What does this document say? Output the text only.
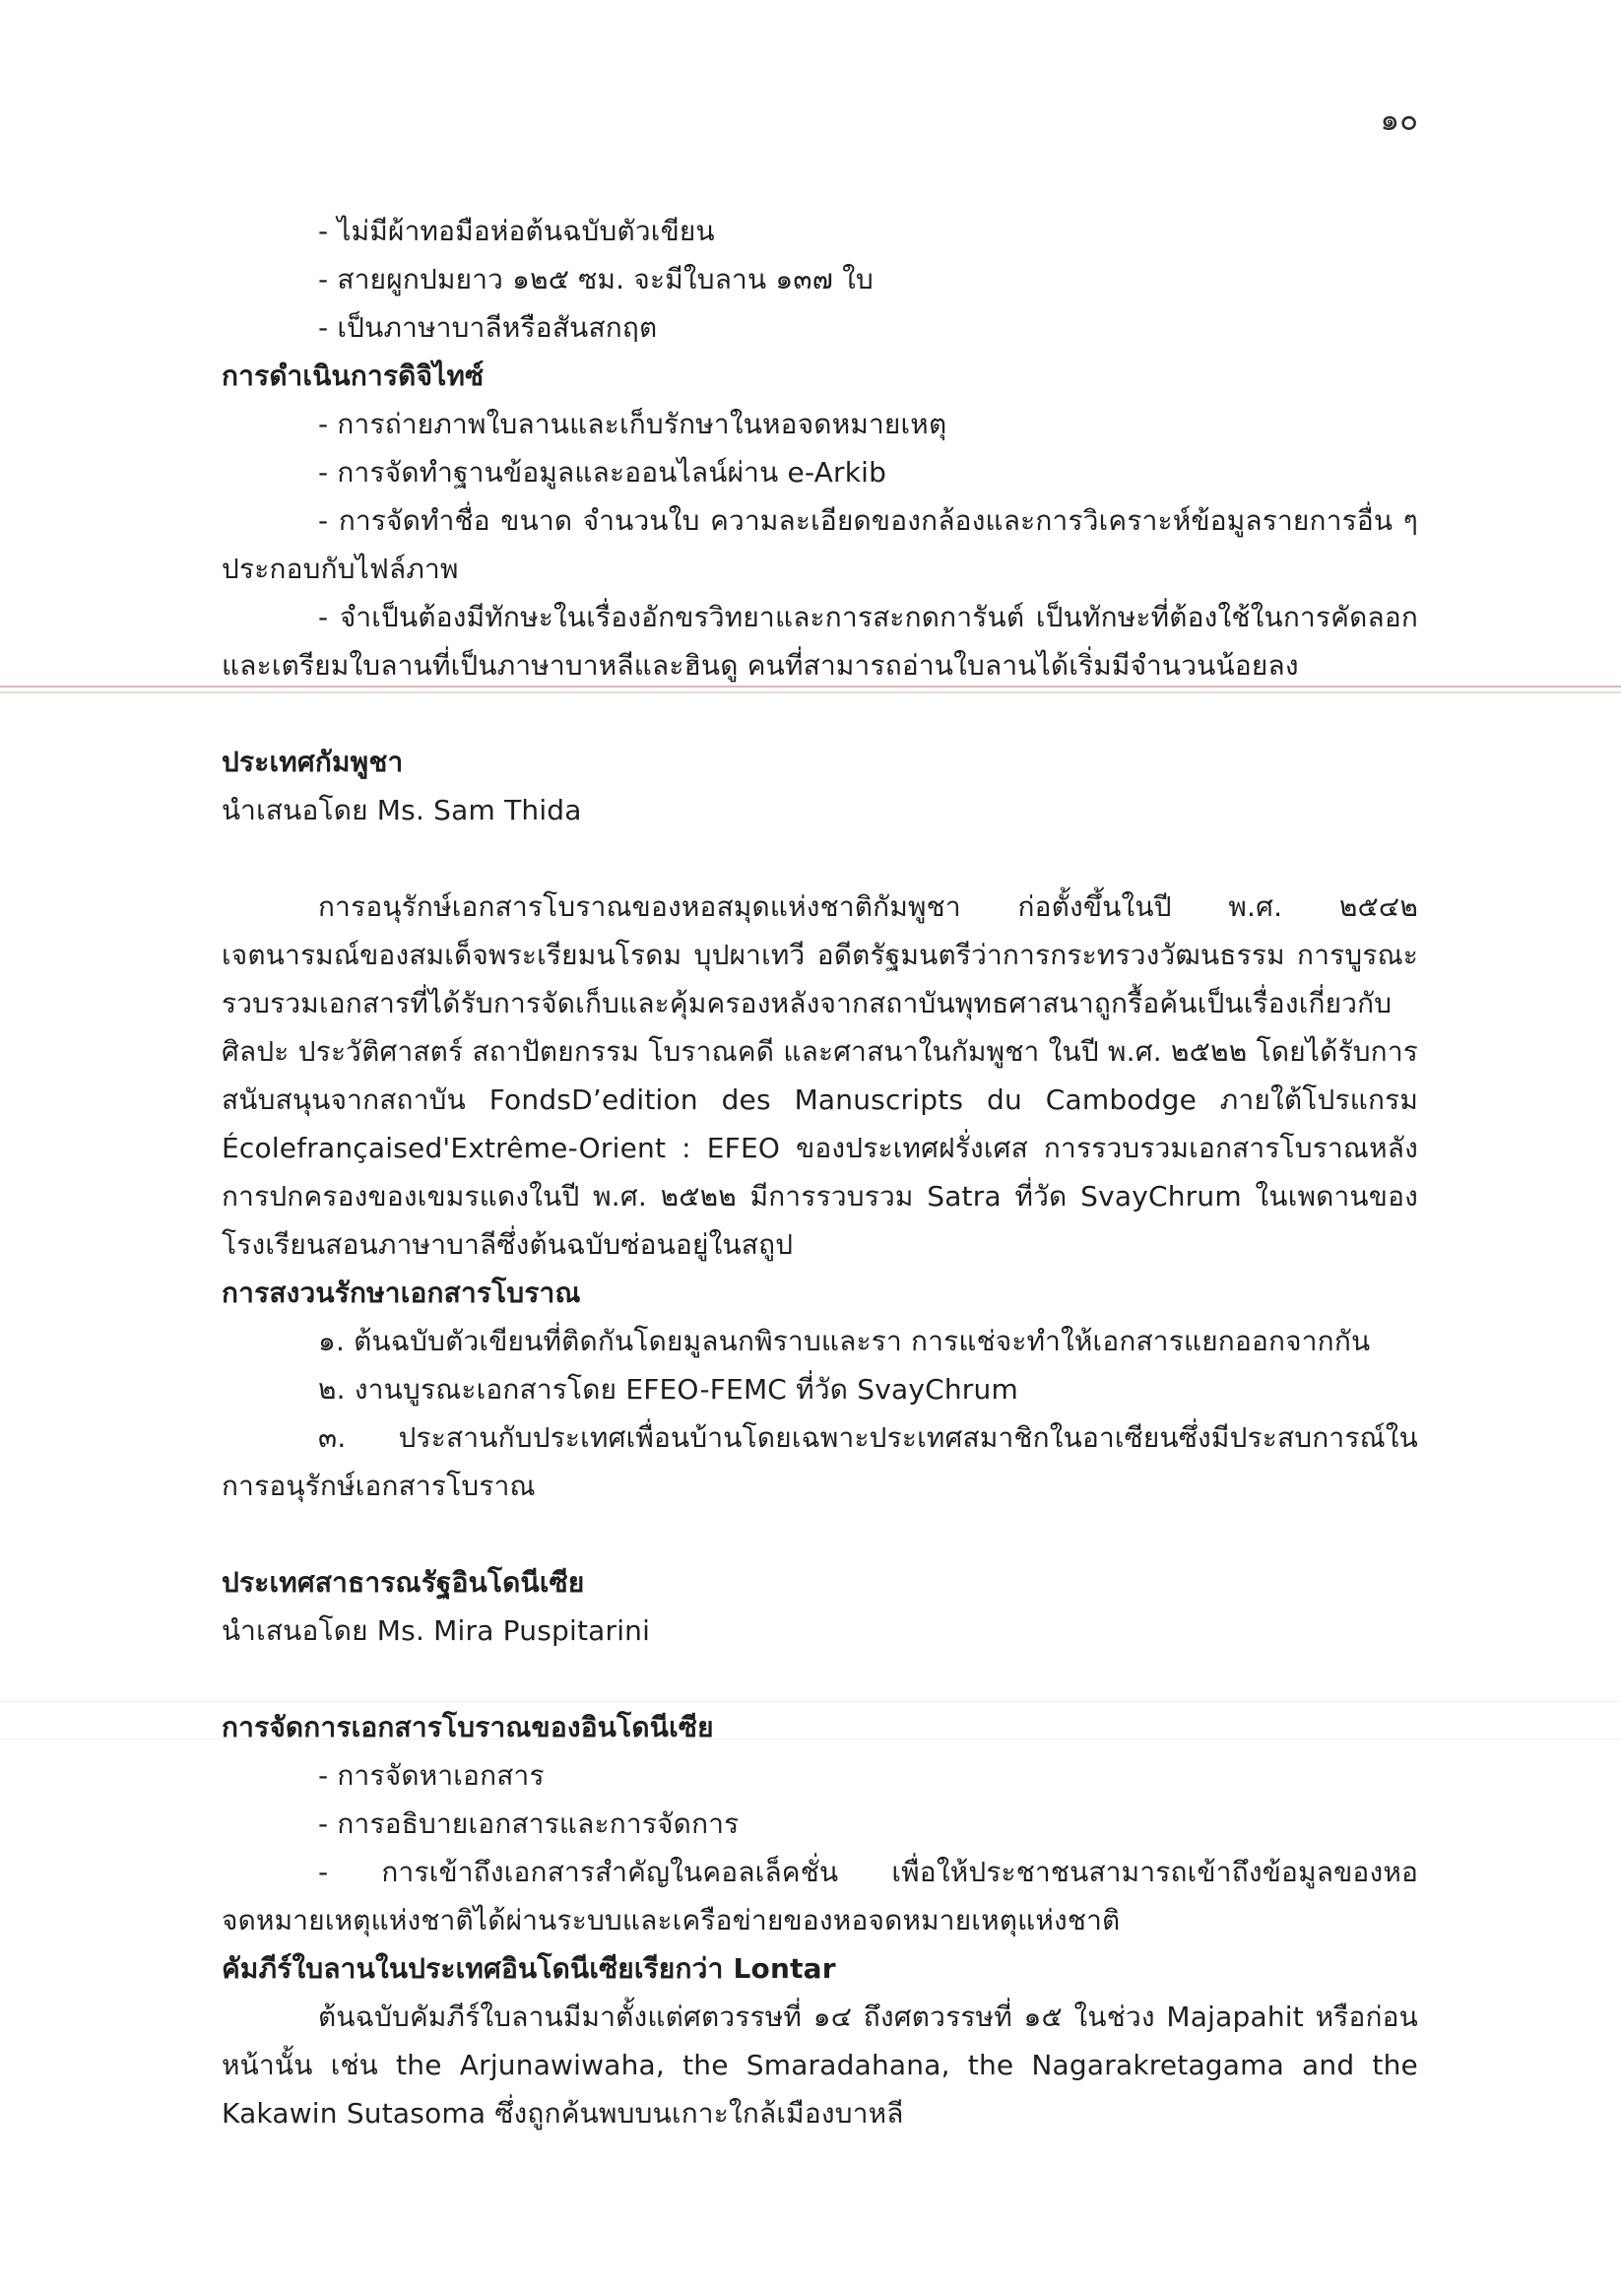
๑๐

- ไม่มีผ้าทอมือห่อต้นฉบับตัวเขียน

- สายผูกปมยาว ๑๒๕ ซม. จะมีใบลาน ๑๓๗ ใบ

- เป็นภาษาบาลีหรือสันสกฤต

การดำเนินการดิจิไทซ์

- การถ่ายภาพใบลานและเก็บรักษาในหอจดหมายเหตุ

- การจัดทำฐานข้อมูลและออนไลน์ผ่าน e-Arkib

- การจัดทำชื่อ ขนาด จำนวนใบ ความละเอียดของกล้องและการวิเคราะห์ข้อมูลรายการอื่น ๆ ประกอบกับไฟล์ภาพ

- จำเป็นต้องมีทักษะในเรื่องอักขรวิทยาและการสะกดการันต์ เป็นทักษะที่ต้องใช้ในการคัดลอกและเตรียมใบลานที่เป็นภาษาบาหลีและฮินดู คนที่สามารถอ่านใบลานได้เริ่มมีจำนวนน้อยลง

ประเทศกัมพูชา

นำเสนอโดย Ms. Sam Thida

การอนุรักษ์เอกสารโบราณของหอสมุดแห่งชาติกัมพูชา ก่อตั้งขึ้นในปี พ.ศ. ๒๕๔๒ เจตนารมณ์ของสมเด็จพระเรียมนโรดม บุปผาเทวี อดีตรัฐมนตรีว่าการกระทรวงวัฒนธรรม การบูรณะรวบรวมเอกสารที่ได้รับการจัดเก็บและคุ้มครองหลังจากสถาบันพุทธศาสนาถูกรื้อค้นเป็นเรื่องเกี่ยวกับ ศิลปะ ประวัติศาสตร์ สถาปัตยกรรม โบราณคดี และศาสนาในกัมพูชา ในปี พ.ศ. ๒๕๒๒ โดยได้รับการสนับสนุนจากสถาบัน FondsD’edition des Manuscripts du Cambodge ภายใต้โปรแกรม Écolefrançaised'Extrême-Orient : EFEO ของประเทศฝรั่งเศส การรวบรวมเอกสารโบราณหลังการปกครองของเขมรแดงในปี พ.ศ. ๒๕๒๒ มีการรวบรวม Satra ที่วัด SvayChrum ในเพดานของโรงเรียนสอนภาษาบาลีซึ่งต้นฉบับซ่อนอยู่ในสถูป

การสงวนรักษาเอกสารโบราณ

๑. ต้นฉบับตัวเขียนที่ติดกันโดยมูลนกพิราบและรา การแช่จะทำให้เอกสารแยกออกจากกัน

๒. งานบูรณะเอกสารโดย EFEO-FEMC ที่วัด SvayChrum

๓. ประสานกับประเทศเพื่อนบ้านโดยเฉพาะประเทศสมาชิกในอาเซียนซึ่งมีประสบการณ์ในการอนุรักษ์เอกสารโบราณ

ประเทศสาธารณรัฐอินโดนีเซีย

นำเสนอโดย Ms. Mira Puspitarini

การจัดการเอกสารโบราณของอินโดนีเซีย

- การจัดหาเอกสาร

- การอธิบายเอกสารและการจัดการ

- การเข้าถึงเอกสารสำคัญในคอลเล็คชั่น เพื่อให้ประชาชนสามารถเข้าถึงข้อมูลของหอจดหมายเหตุแห่งชาติได้ผ่านระบบและเครือข่ายของหอจดหมายเหตุแห่งชาติ

คัมภีร์ใบลานในประเทศอินโดนีเซียเรียกว่า Lontar

ต้นฉบับคัมภีร์ใบลานมีมาตั้งแต่ศตวรรษที่ ๑๔ ถึงศตวรรษที่ ๑๕ ในช่วง Majapahit หรือก่อนหน้านั้น เช่น the Arjunawiwaha, the Smaradahana, the Nagarakretagama and the Kakawin Sutasoma ซึ่งถูกค้นพบบนเกาะใกล้เมืองบาหลี
